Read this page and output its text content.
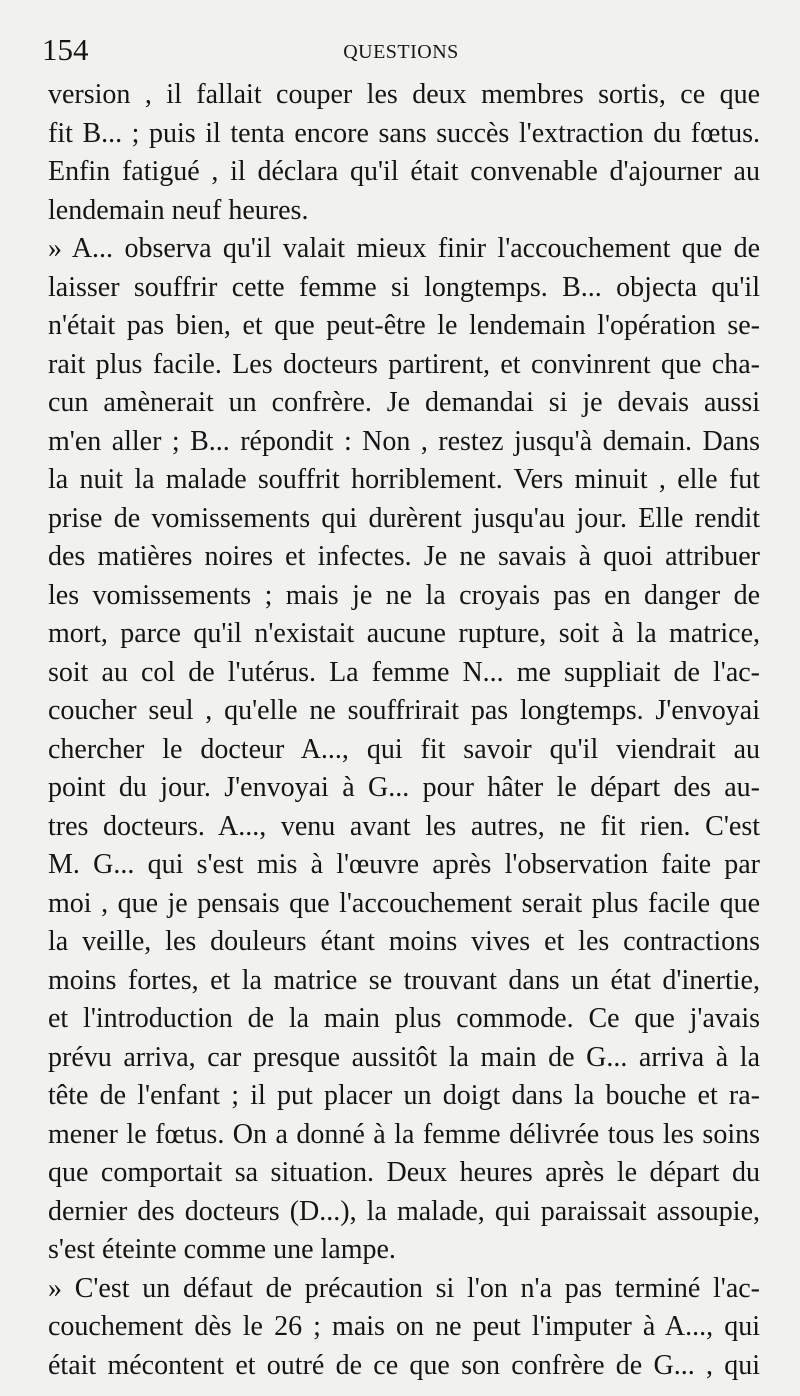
154	QUESTIONS
version , il fallait couper les deux membres sortis, ce que
fit B... ; puis il tenta encore sans succès l'extraction du fœtus.
Enfin fatigué , il déclara qu'il était convenable d'ajourner au
lendemain neuf heures.
» A... observa qu'il valait mieux finir l'accouchement que de
laisser souffrir cette femme si longtemps. B... objecta qu'il
n'était pas bien, et que peut-être le lendemain l'opération se-
rait plus facile. Les docteurs partirent, et convinrent que cha-
cun amènerait un confrère. Je demandai si je devais aussi
m'en aller ; B... répondit : Non , restez jusqu'à demain. Dans
la nuit la malade souffrit horriblement. Vers minuit , elle fut
prise de vomissements qui durèrent jusqu'au jour. Elle rendit
des matières noires et infectes. Je ne savais à quoi attribuer
les vomissements ; mais je ne la croyais pas en danger de
mort, parce qu'il n'existait aucune rupture, soit à la matrice,
soit au col de l'utérus. La femme N... me suppliait de l'ac-
coucher seul , qu'elle ne souffrirait pas longtemps. J'envoyai
chercher le docteur A..., qui fit savoir qu'il viendrait au
point du jour. J'envoyai à G... pour hâter le départ des au-
tres docteurs. A..., venu avant les autres, ne fit rien. C'est
M. G... qui s'est mis à l'œuvre après l'observation faite par
moi , que je pensais que l'accouchement serait plus facile que
la veille, les douleurs étant moins vives et les contractions
moins fortes, et la matrice se trouvant dans un état d'inertie,
et l'introduction de la main plus commode. Ce que j'avais
prévu arriva, car presque aussitôt la main de G... arriva à la
tête de l'enfant ; il put placer un doigt dans la bouche et ra-
mener le fœtus. On a donné à la femme délivrée tous les soins
que comportait sa situation. Deux heures après le départ du
dernier des docteurs (D...), la malade, qui paraissait assoupie,
s'est éteinte comme une lampe.
» C'est un défaut de précaution si l'on n'a pas terminé l'ac-
couchement dès le 26 ; mais on ne peut l'imputer à A..., qui
était mécontent et outré de ce que son confrère de G... , qui
